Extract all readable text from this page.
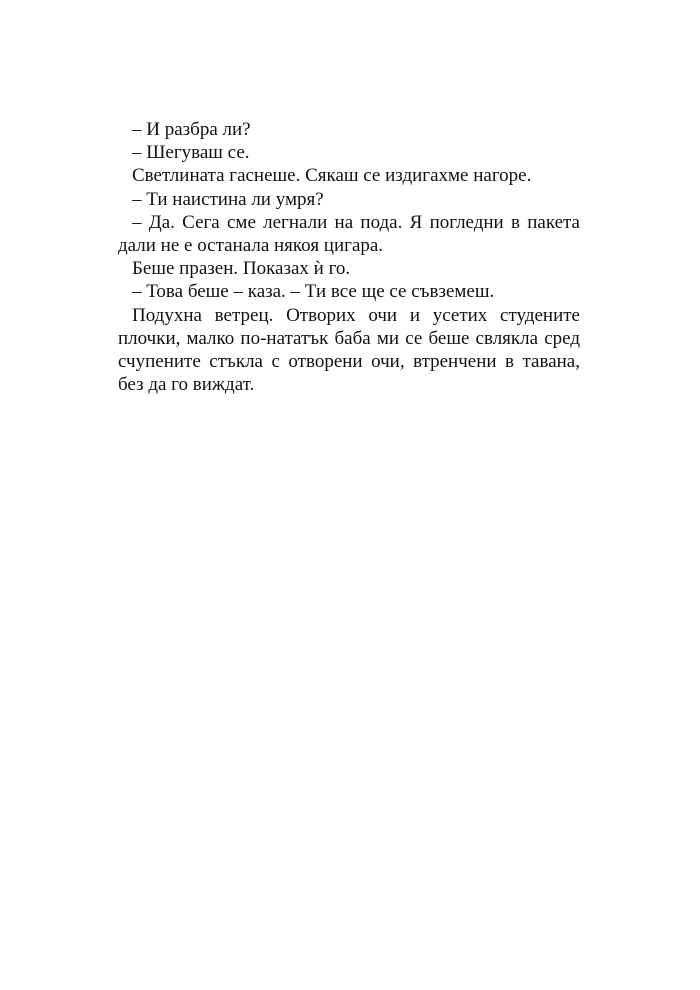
– И разбра ли?

– Шегуваш се.

Светлината гаснеше. Сякаш се издигахме нагоре.

– Ти наистина ли умря?

– Да. Сега сме легнали на пода. Я погледни в пакета дали не е останала някоя цигара.

Беше празен. Показах ѝ го.

– Това беше – каза. – Ти все ще се съвземеш.

Подухна ветрец. Отворих очи и усетих студените плочки, малко по-нататък баба ми се беше свлякла сред счупените стъкла с отворени очи, втренчени в тавана, без да го виждат.
